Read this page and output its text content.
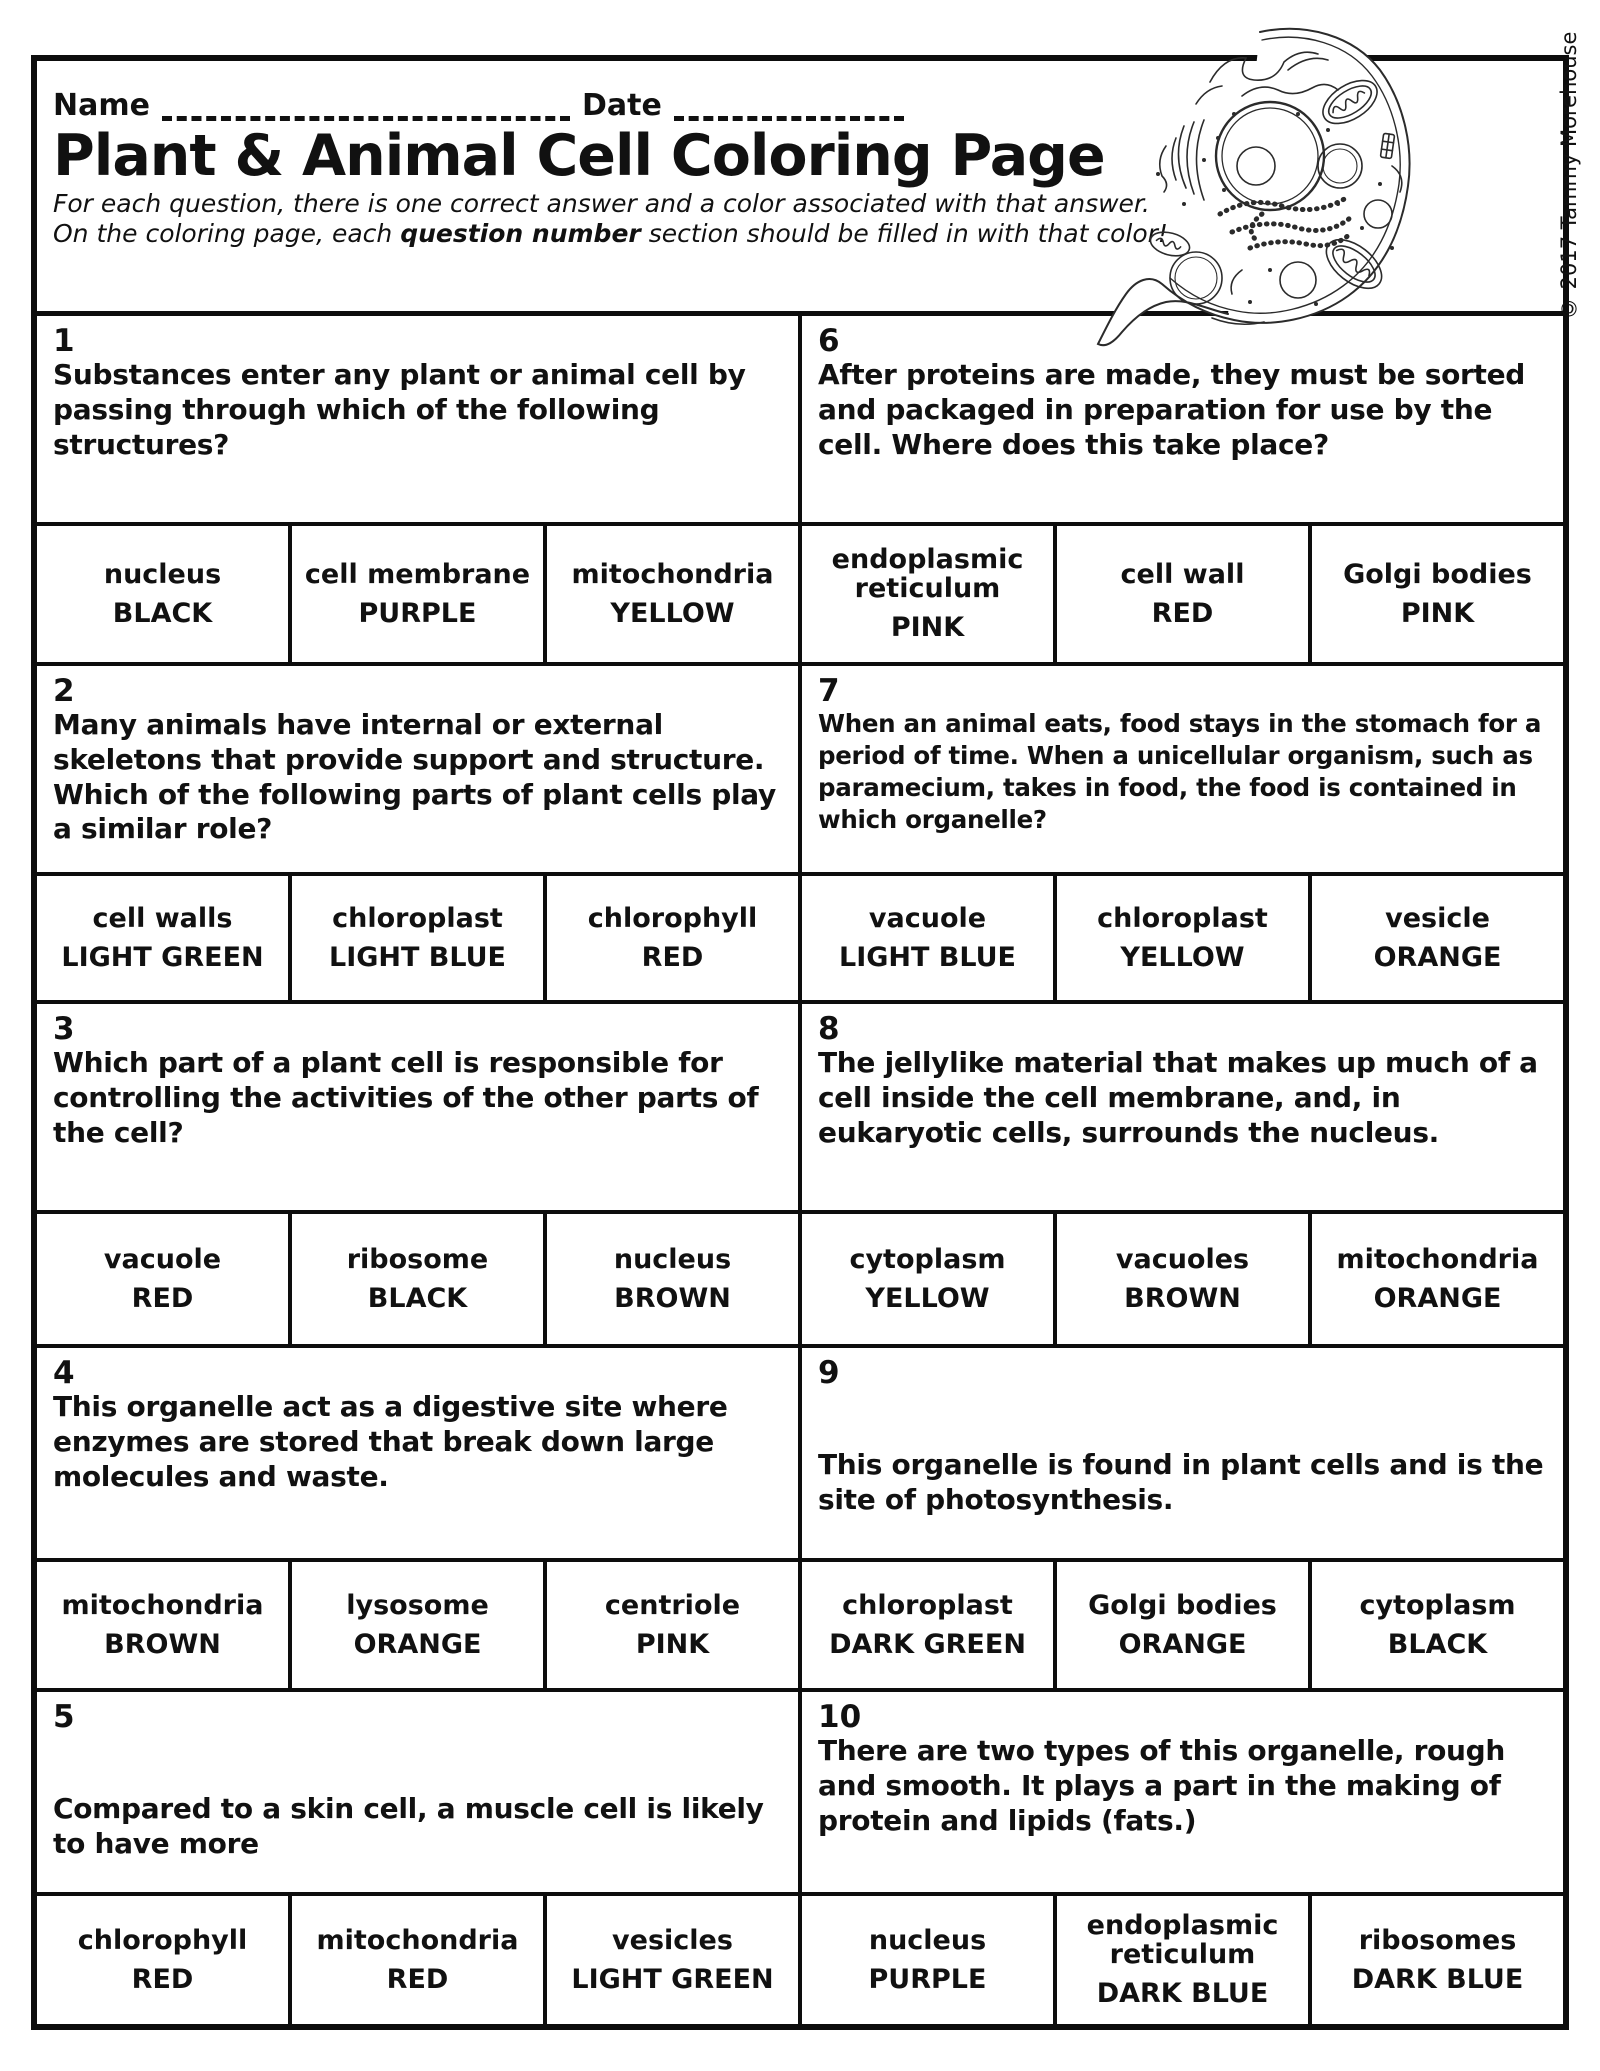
Name	Date
Plant & Animal Cell Coloring Page

For each question, there is one correct answer and a color associated with that answer.
On the coloring page, each question number section should be filled in with that color!

1
Substances enter any plant or animal cell by passing through which of the following structures?
6
After proteins are made, they must be sorted and packaged in preparation for use by the cell. Where does this take place?
nucleus
BLACK
cell membrane
PURPLE
mitochondria
YELLOW
endoplasmic reticulum
PINK
cell wall
RED
Golgi bodies
PINK
2
Many animals have internal or external skeletons that provide support and structure. Which of the following parts of plant cells play a similar role?
7
When an animal eats, food stays in the stomach for a period of time. When a unicellular organism, such as paramecium, takes in food, the food is contained in which organelle?
cell walls
LIGHT GREEN
chloroplast
LIGHT BLUE
chlorophyll
RED
vacuole
LIGHT BLUE
chloroplast
YELLOW
vesicle
ORANGE
3
Which part of a plant cell is responsible for controlling the activities of the other parts of the cell?
8
The jellylike material that makes up much of a cell inside the cell membrane, and, in eukaryotic cells, surrounds the nucleus.
vacuole
RED
ribosome
BLACK
nucleus
BROWN
cytoplasm
YELLOW
vacuoles
BROWN
mitochondria
ORANGE
4
This organelle act as a digestive site where enzymes are stored that break down large molecules and waste.
9
This organelle is found in plant cells and is the site of photosynthesis.
mitochondria
BROWN
lysosome
ORANGE
centriole
PINK
chloroplast
DARK GREEN
Golgi bodies
ORANGE
cytoplasm
BLACK
5
Compared to a skin cell, a muscle cell is likely to have more
10
There are two types of this organelle, rough and smooth. It plays a part in the making of protein and lipids (fats.)
chlorophyll
RED
mitochondria
RED
vesicles
LIGHT GREEN
nucleus
PURPLE
endoplasmic reticulum
DARK BLUE
ribosomes
DARK BLUE
© 2017 Tammy Morehouse
